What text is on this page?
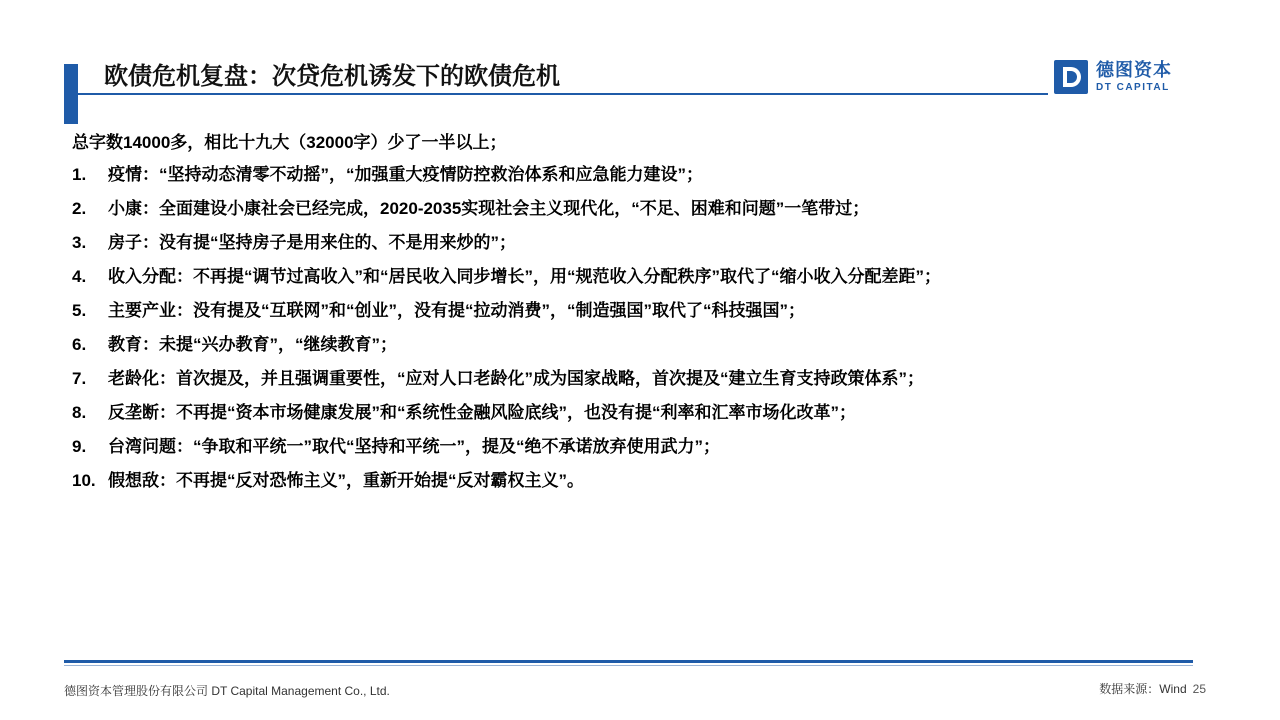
欧债危机复盘：次贷危机诱发下的欧债危机	德图资本
DT CAPITAL
总字数14000多，相比十九大（32000字）少了一半以上；
1.	疫情：“坚持动态清零不动摇”，“加强重大疫情防控救治体系和应急能力建设”；
2.	小康：全面建设小康社会已经完成，2020-2035实现社会主义现代化，“不足、困难和问题”一笔带过；
3.	房子：没有提“坚持房子是用来住的、不是用来炒的”；
4.	收入分配：不再提“调节过高收入”和“居民收入同步增长”，用“规范收入分配秩序”取代了“缩小收入分配差距”；
5.	主要产业：没有提及“互联网”和“创业”，没有提“拉动消费”，“制造强国”取代了“科技强国”；
6.	教育：未提“兴办教育”，“继续教育”；
7.	老龄化：首次提及，并且强调重要性，“应对人口老龄化”成为国家战略，首次提及“建立生育支持政策体系”；
8.	反垄断：不再提“资本市场健康发展”和“系统性金融风险底线”，也没有提“利率和汇率市场化改革”；
9.	台湾问题：“争取和平统一”取代“坚持和平统一”，提及“绝不承诺放弃使用武力”；
10. 假想敌：不再提“反对恐怖主义”，重新开始提“反对霸权主义”。
德图资本管理股份有限公司 DT Capital Management Co., Ltd.	数据来源：Wind 25
